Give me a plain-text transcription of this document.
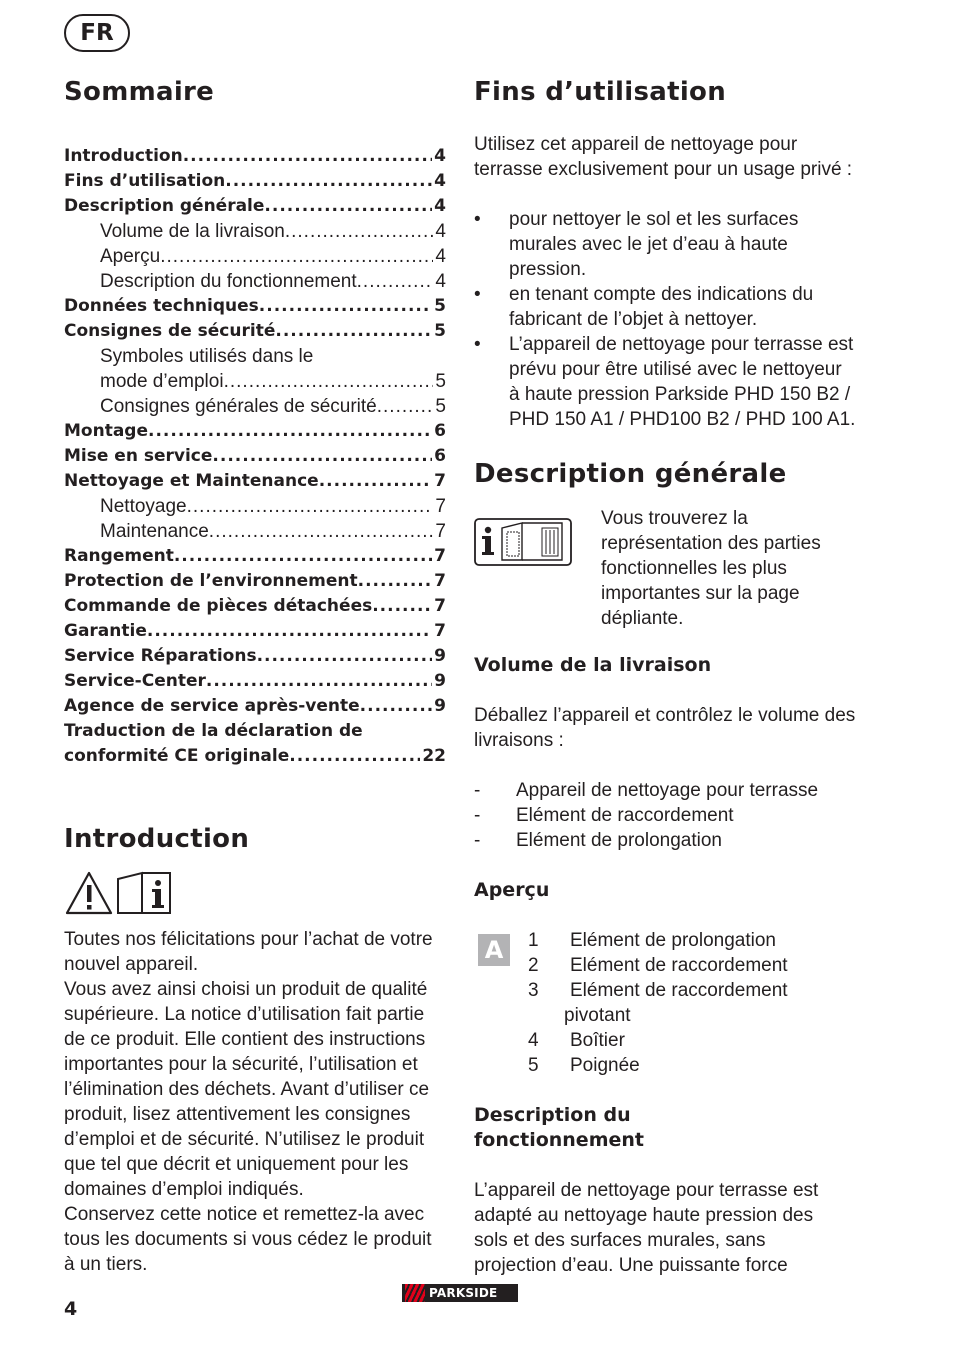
FR
Sommaire
Introduction .....	4
Fins d’utilisation .....	4
Description générale .....	4
Volume de la livraison .....	4
Aperçu .....	4
Description du fonctionnement .....	4
Données techniques .....	5
Consignes de sécurité .....	5
Symboles utilisés dans le
mode d’emploi .....	5
Consignes générales de sécurité .....	5
Montage .....	6
Mise en service .....	6
Nettoyage et Maintenance .....	7
Nettoyage .....	7
Maintenance .....	7
Rangement .....	7
Protection de l’environnement .....	7
Commande de pièces détachées .....	7
Garantie .....	7
Service Réparations .....	9
Service-Center .....	9
Agence de service après-vente .....	9
Traduction de la déclaration de
conformité CE originale .....	22
Introduction

Toutes nos félicitations pour l’achat de votre nouvel appareil.
Vous avez ainsi choisi un produit de qualité supérieure. La notice d’utilisation fait partie de ce produit. Elle contient des instructions importantes pour la sécurité, l’utilisation et l’élimination des déchets. Avant d’utiliser ce produit, lisez attentivement les consignes d’emploi et de sécurité. N’utilisez le produit que tel que décrit et uniquement pour les domaines d’emploi indiqués.
Conservez cette notice et remettez-la avec tous les documents si vous cédez le produit à un tiers.

Fins d’utilisation

Utilisez cet appareil de nettoyage pour terrasse exclusivement pour un usage privé :

• pour nettoyer le sol et les surfaces murales avec le jet d’eau à haute pression.
• en tenant compte des indications du fabricant de l’objet à nettoyer.
• L’appareil de nettoyage pour terrasse est prévu pour être utilisé avec le nettoyeur à haute pression Parkside PHD 150 B2 / PHD 150 A1 / PHD100 B2 / PHD 100 A1.
Description générale

Vous trouverez la représentation des parties fonctionnelles les plus importantes sur la page dépliante.

Volume de la livraison

Déballez l’appareil et contrôlez le volume des livraisons :

- Appareil de nettoyage pour terrasse
- Elément de raccordement
- Elément de prolongation
Aperçu
A	1 Elément de prolongation
2 Elément de raccordement
3 Elément de raccordement
pivotant
4 Boîtier
5 Poignée
Description du
fonctionnement

L’appareil de nettoyage pour terrasse est adapté au nettoyage haute pression des sols et des surfaces murales, sans projection d’eau. Une puissante force

4
PARKSIDE
